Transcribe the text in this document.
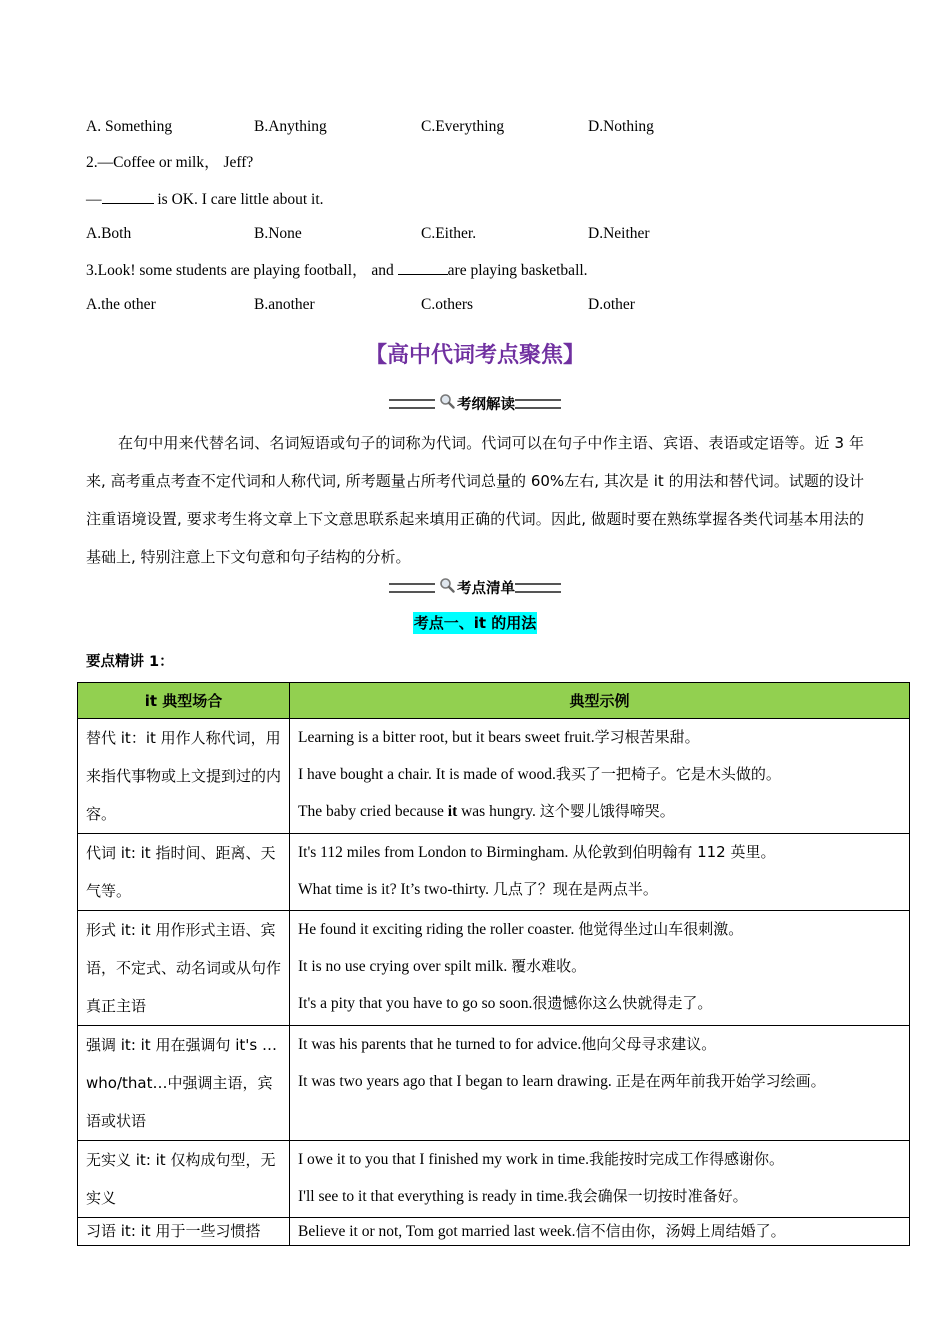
A. Something	B.Anything	C.Everything	D.Nothing
2.—Coffee or milk， Jeff?
—	is OK. I care little about it.
A.Both	B.None	C.Either.	D.Neither
3.Look! some students are playing football， and	are playing basketball.
A.the other	B.another	C.others	D.other
【高中代词考点聚焦】
考纲解读
在句中用来代替名词、名词短语或句子的词称为代词。代词可以在句子中作主语、宾语、表语或定语等。近 3 年来, 高考重点考查不定代词和人称代词, 所考题量占所考代词总量的 60%左右, 其次是 it 的用法和替代词。试题的设计注重语境设置, 要求考生将文章上下文意思联系起来填用正确的代词。因此, 做题时要在熟练掌握各类代词基本用法的基础上, 特别注意上下文句意和句子结构的分析。
考点清单
考点一、it 的用法
要点精讲 1：
it 典型场合	典型示例
替代 it：it 用作人称代词，用来指代事物或上文提到过的内容。	Learning is a bitter root, but it bears sweet fruit.学习根苦果甜。
I have bought a chair. It is made of wood.我买了一把椅子。它是木头做的。
The baby cried because it was hungry. 这个婴儿饿得啼哭。

代词 it: it 指时间、距离、天气等。	It's 112 miles from London to Birmingham. 从伦敦到伯明翰有 112 英里。
What time is it? It’s two-thirty. 几点了？现在是两点半。

形式 it: it 用作形式主语、宾语，不定式、动名词或从句作真正主语	He found it exciting riding the roller coaster. 他觉得坐过山车很刺激。
It is no use crying over spilt milk. 覆水难收。
It's a pity that you have to go so soon.很遗憾你这么快就得走了。

强调 it: it 用在强调句 it's … who/that…中强调主语，宾语或状语	It was his parents that he turned to for advice.他向父母寻求建议。
It was two years ago that I began to learn drawing. 正是在两年前我开始学习绘画。

无实义 it: it 仅构成句型，无实义	I owe it to you that I finished my work in time.我能按时完成工作得感谢你。
I'll see to it that everything is ready in time.我会确保一切按时准备好。

习语 it: it 用于一些习惯搭	Believe it or not, Tom got married last week.信不信由你，汤姆上周结婚了。
